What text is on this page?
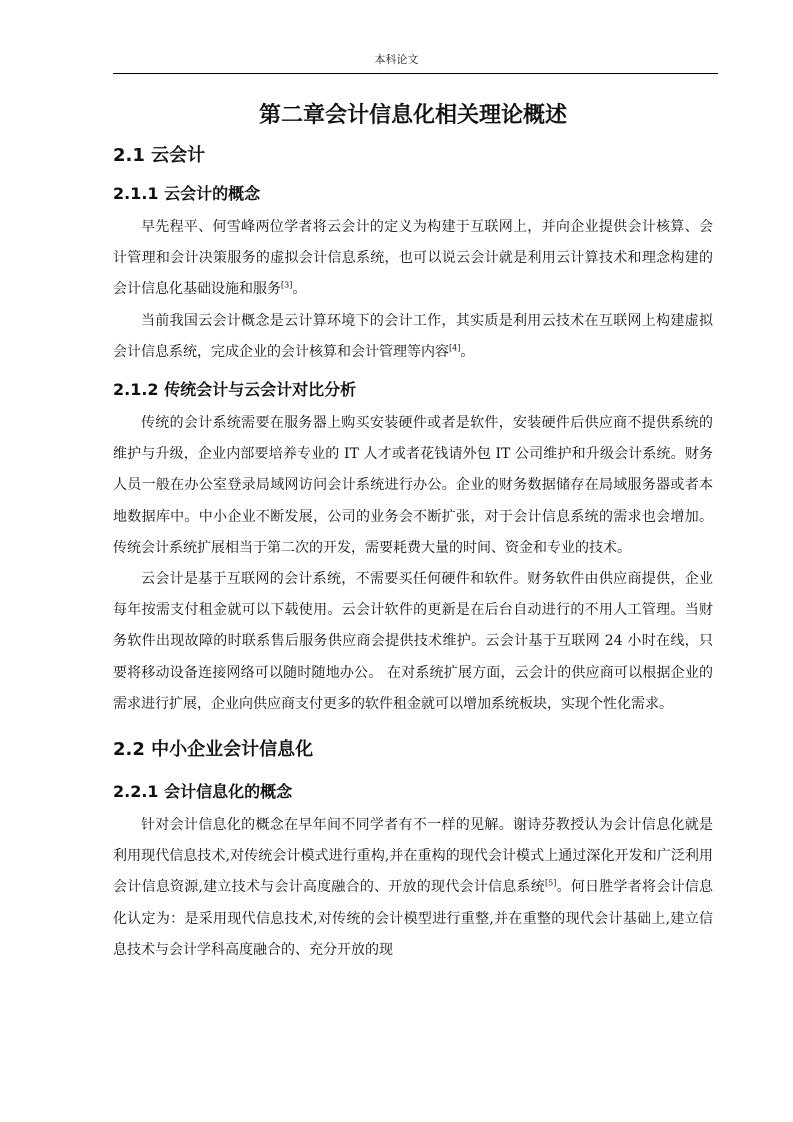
本科论文
第二章会计信息化相关理论概述
2.1 云会计
2.1.1 云会计的概念

早先程平、何雪峰两位学者将云会计的定义为构建于互联网上，并向企业提供会计核算、会计管理和会计决策服务的虚拟会计信息系统，也可以说云会计就是利用云计算技术和理念构建的会计信息化基础设施和服务[3]。

当前我国云会计概念是云计算环境下的会计工作，其实质是利用云技术在互联网上构建虚拟会计信息系统，完成企业的会计核算和会计管理等内容[4]。

2.1.2 传统会计与云会计对比分析

传统的会计系统需要在服务器上购买安装硬件或者是软件，安装硬件后供应商不提供系统的维护与升级，企业内部要培养专业的 IT 人才或者花钱请外包 IT 公司维护和升级会计系统。财务人员一般在办公室登录局域网访问会计系统进行办公。企业的财务数据储存在局域服务器或者本地数据库中。中小企业不断发展，公司的业务会不断扩张，对于会计信息系统的需求也会增加。传统会计系统扩展相当于第二次的开发，需要耗费大量的时间、资金和专业的技术。

云会计是基于互联网的会计系统，不需要买任何硬件和软件。财务软件由供应商提供，企业每年按需支付租金就可以下载使用。云会计软件的更新是在后台自动进行的不用人工管理。当财务软件出现故障的时联系售后服务供应商会提供技术维护。云会计基于互联网 24 小时在线，只要将移动设备连接网络可以随时随地办公。 在对系统扩展方面，云会计的供应商可以根据企业的需求进行扩展，企业向供应商支付更多的软件租金就可以增加系统板块，实现个性化需求。

2.2 中小企业会计信息化
2.2.1 会计信息化的概念

针对会计信息化的概念在早年间不同学者有不一样的见解。谢诗芬教授认为会计信息化就是利用现代信息技术,对传统会计模式进行重构,并在重构的现代会计模式上通过深化开发和广泛利用会计信息资源,建立技术与会计高度融合的、开放的现代会计信息系统[5]。何日胜学者将会计信息化认定为：是采用现代信息技术,对传统的会计模型进行重整,并在重整的现代会计基础上,建立信息技术与会计学科高度融合的、充分开放的现
